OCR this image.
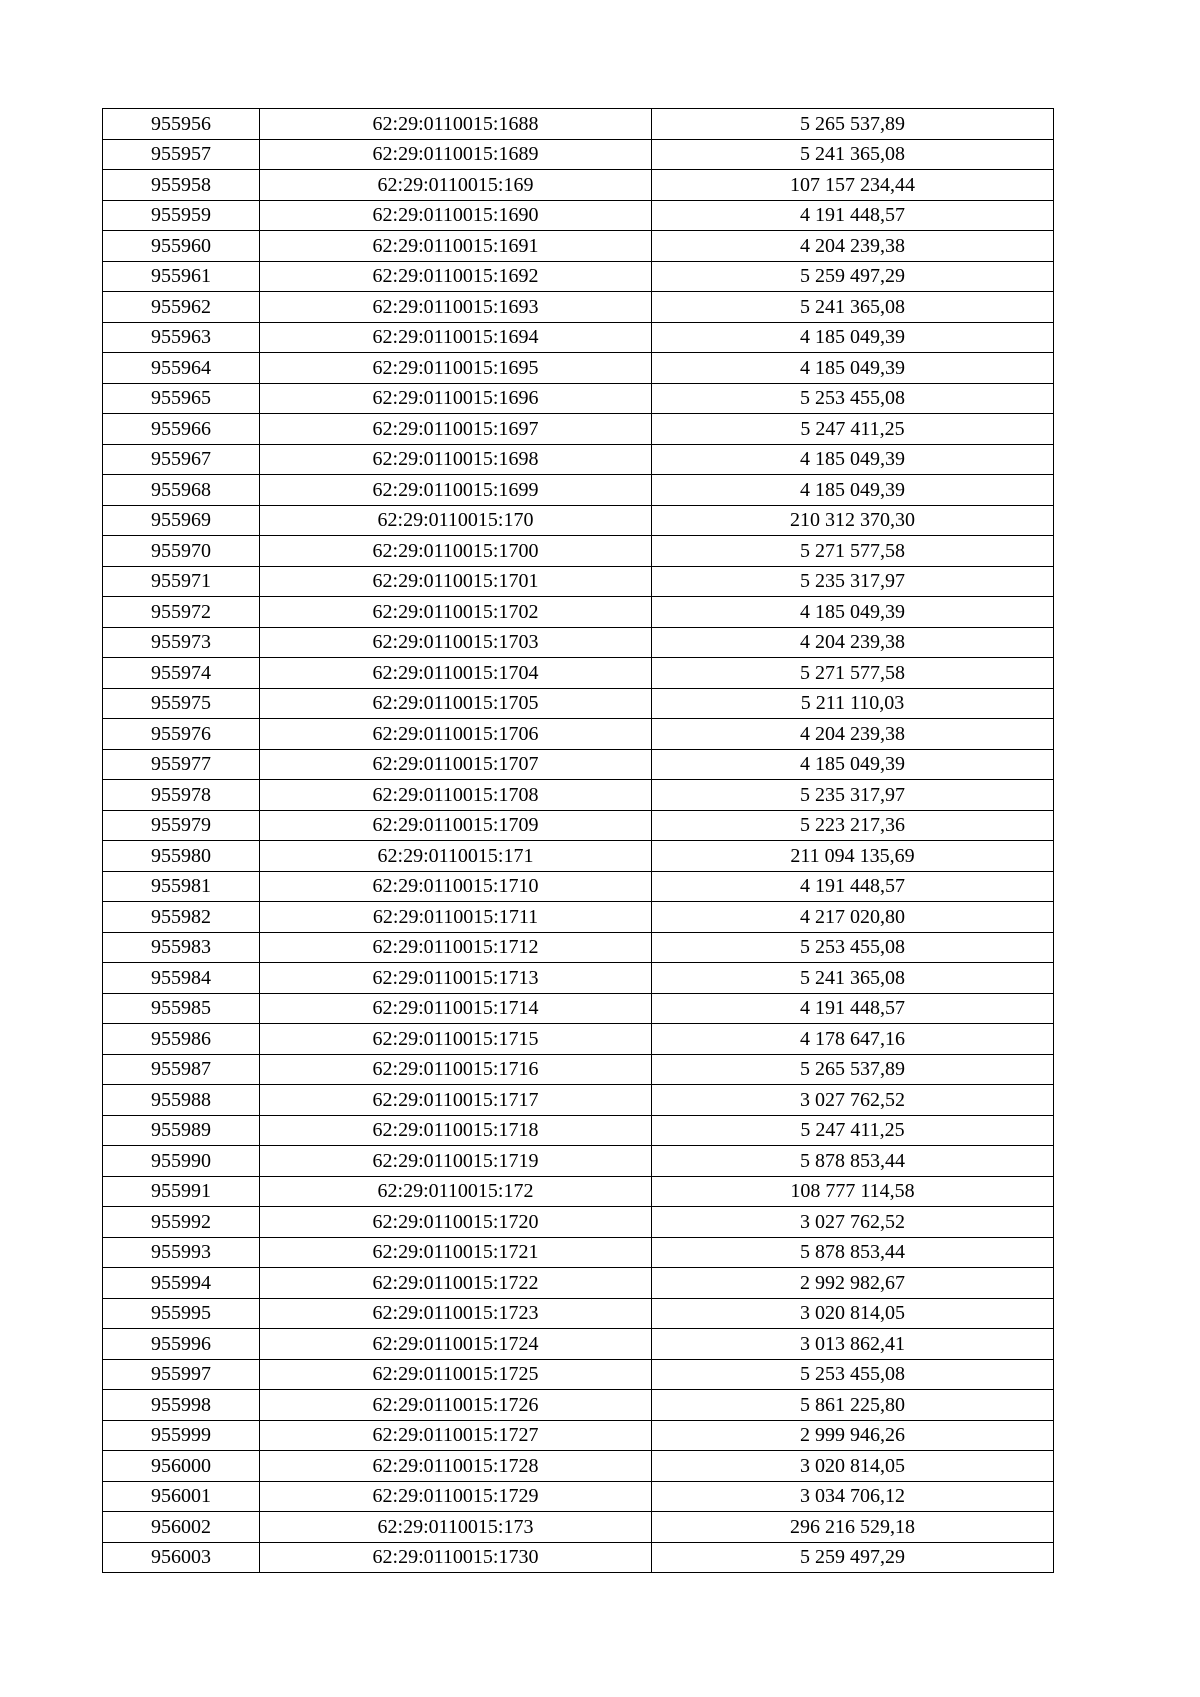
955956	62:29:0110015:1688	5 265 537,89
955957	62:29:0110015:1689	5 241 365,08
955958	62:29:0110015:169	107 157 234,44
955959	62:29:0110015:1690	4 191 448,57
955960	62:29:0110015:1691	4 204 239,38
955961	62:29:0110015:1692	5 259 497,29
955962	62:29:0110015:1693	5 241 365,08
955963	62:29:0110015:1694	4 185 049,39
955964	62:29:0110015:1695	4 185 049,39
955965	62:29:0110015:1696	5 253 455,08
955966	62:29:0110015:1697	5 247 411,25
955967	62:29:0110015:1698	4 185 049,39
955968	62:29:0110015:1699	4 185 049,39
955969	62:29:0110015:170	210 312 370,30
955970	62:29:0110015:1700	5 271 577,58
955971	62:29:0110015:1701	5 235 317,97
955972	62:29:0110015:1702	4 185 049,39
955973	62:29:0110015:1703	4 204 239,38
955974	62:29:0110015:1704	5 271 577,58
955975	62:29:0110015:1705	5 211 110,03
955976	62:29:0110015:1706	4 204 239,38
955977	62:29:0110015:1707	4 185 049,39
955978	62:29:0110015:1708	5 235 317,97
955979	62:29:0110015:1709	5 223 217,36
955980	62:29:0110015:171	211 094 135,69
955981	62:29:0110015:1710	4 191 448,57
955982	62:29:0110015:1711	4 217 020,80
955983	62:29:0110015:1712	5 253 455,08
955984	62:29:0110015:1713	5 241 365,08
955985	62:29:0110015:1714	4 191 448,57
955986	62:29:0110015:1715	4 178 647,16
955987	62:29:0110015:1716	5 265 537,89
955988	62:29:0110015:1717	3 027 762,52
955989	62:29:0110015:1718	5 247 411,25
955990	62:29:0110015:1719	5 878 853,44
955991	62:29:0110015:172	108 777 114,58
955992	62:29:0110015:1720	3 027 762,52
955993	62:29:0110015:1721	5 878 853,44
955994	62:29:0110015:1722	2 992 982,67
955995	62:29:0110015:1723	3 020 814,05
955996	62:29:0110015:1724	3 013 862,41
955997	62:29:0110015:1725	5 253 455,08
955998	62:29:0110015:1726	5 861 225,80
955999	62:29:0110015:1727	2 999 946,26
956000	62:29:0110015:1728	3 020 814,05
956001	62:29:0110015:1729	3 034 706,12
956002	62:29:0110015:173	296 216 529,18
956003	62:29:0110015:1730	5 259 497,29
